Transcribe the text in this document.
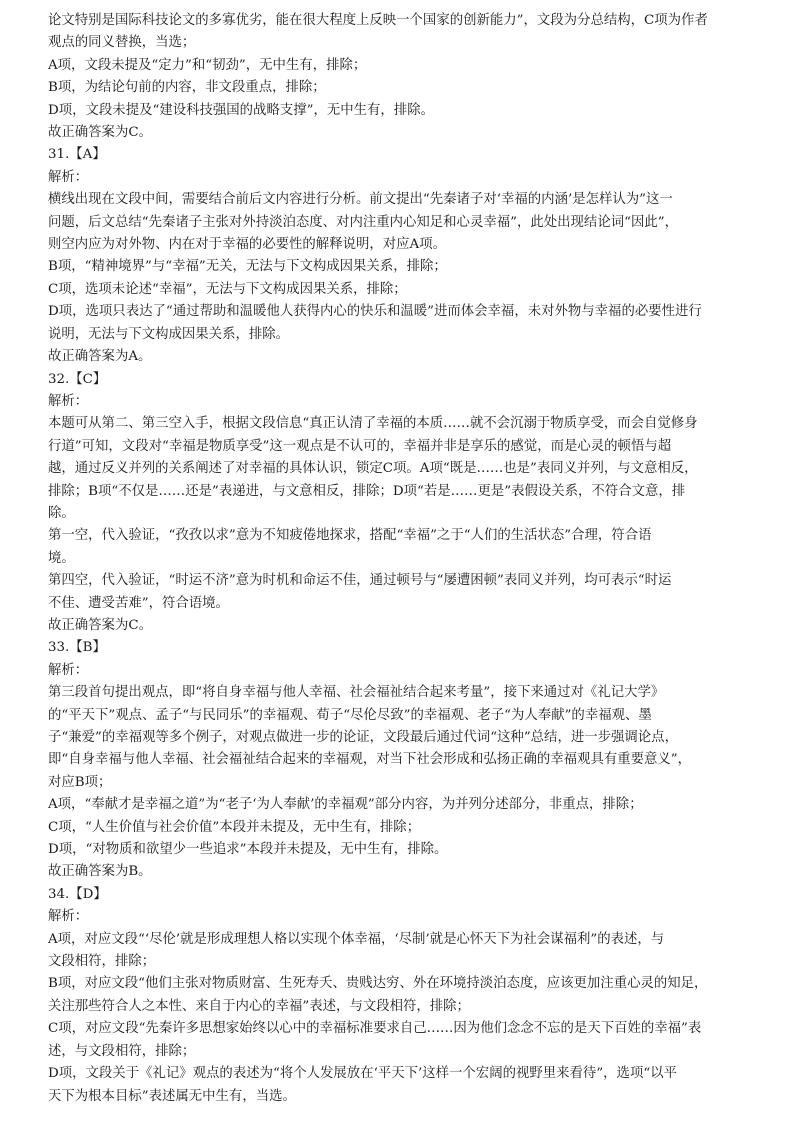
论文特别是国际科技论文的多寡优劣，能在很大程度上反映一个国家的创新能力”，文段为分总结构，C项为作者

观点的同义替换，当选；

A项，文段未提及“定力”和“韧劲”，无中生有，排除；

B项，为结论句前的内容，非文段重点，排除；

D项，文段未提及“建设科技强国的战略支撑”，无中生有，排除。

故正确答案为C。

31.【A】

解析：

横线出现在文段中间，需要结合前后文内容进行分析。前文提出“先秦诸子对‘幸福的内涵’是怎样认为”这一

问题，后文总结“先秦诸子主张对外持淡泊态度、对内注重内心知足和心灵幸福”，此处出现结论词“因此”，

则空内应为对外物、内在对于幸福的必要性的解释说明，对应A项。

B项，“精神境界”与“幸福”无关，无法与下文构成因果关系，排除；

C项，选项未论述“幸福”，无法与下文构成因果关系，排除；

D项，选项只表达了“通过帮助和温暖他人获得内心的快乐和温暖”进而体会幸福，未对外物与幸福的必要性进行

说明，无法与下文构成因果关系，排除。

故正确答案为A。

32.【C】

解析：

本题可从第二、第三空入手，根据文段信息“真正认清了幸福的本质……就不会沉溺于物质享受，而会自觉修身

行道”可知，文段对“幸福是物质享受”这一观点是不认可的，幸福并非是享乐的感觉，而是心灵的顿悟与超

越，通过反义并列的关系阐述了对幸福的具体认识，锁定C项。A项“既是……也是”表同义并列，与文意相反，

排除；B项“不仅是……还是”表递进，与文意相反，排除；D项“若是……更是”表假设关系，不符合文意，排

除。

第一空，代入验证，“孜孜以求”意为不知疲倦地探求，搭配“幸福”之于“人们的生活状态”合理，符合语

境。

第四空，代入验证，“时运不济”意为时机和命运不佳，通过顿号与“屡遭困顿”表同义并列，均可表示“时运

不佳、遭受苦难”，符合语境。

故正确答案为C。

33.【B】

解析：

第三段首句提出观点，即“将自身幸福与他人幸福、社会福祉结合起来考量”，接下来通过对《礼记大学》

的“平天下”观点、孟子“与民同乐”的幸福观、荀子“尽伦尽致”的幸福观、老子“为人奉献”的幸福观、墨

子“兼爱”的幸福观等多个例子，对观点做进一步的论证，文段最后通过代词“这种”总结，进一步强调论点，

即“自身幸福与他人幸福、社会福祉结合起来的幸福观，对当下社会形成和弘扬正确的幸福观具有重要意义”，

对应B项；

A项，“奉献才是幸福之道”为“老子‘为人奉献’的幸福观”部分内容，为并列分述部分，非重点，排除；

C项，“人生价值与社会价值”本段并未提及，无中生有，排除；

D项，“对物质和欲望少一些追求”本段并未提及，无中生有，排除。

故正确答案为B。

34.【D】

解析：

A项，对应文段“‘尽伦’就是形成理想人格以实现个体幸福，‘尽制’就是心怀天下为社会谋福利”的表述，与

文段相符，排除；

B项，对应文段“他们主张对物质财富、生死寿夭、贵贱达穷、外在环境持淡泊态度，应该更加注重心灵的知足，

关注那些符合人之本性、来自于内心的幸福”表述，与文段相符，排除；

C项，对应文段“先秦许多思想家始终以心中的幸福标准要求自己……因为他们念念不忘的是天下百姓的幸福”表

述，与文段相符，排除；

D项，文段关于《礼记》观点的表述为“将个人发展放在‘平天下’这样一个宏阔的视野里来看待”，选项“以平

天下为根本目标”表述属无中生有，当选。
